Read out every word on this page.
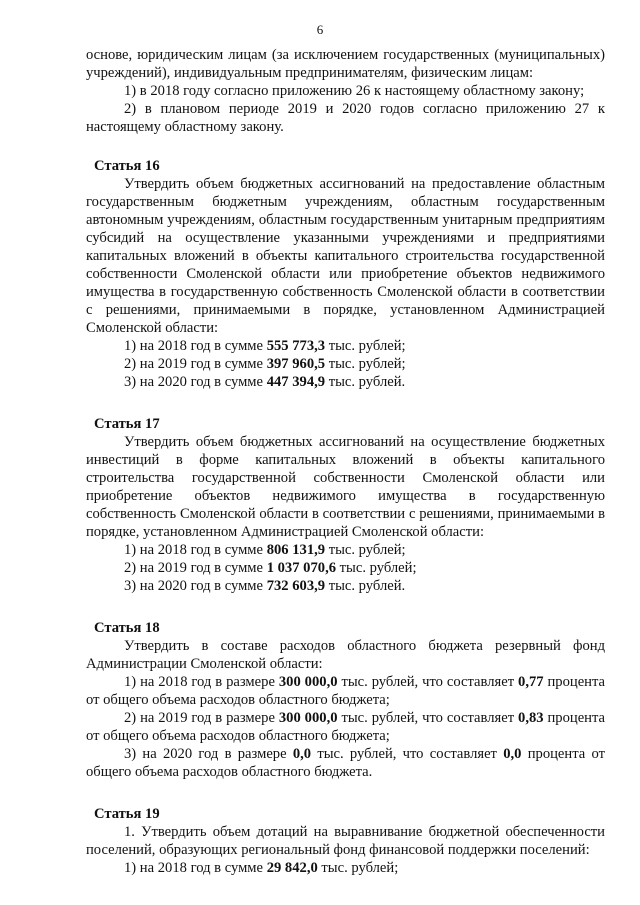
6

основе, юридическим лицам (за исключением государственных (муниципальных) учреждений), индивидуальным предпринимателям, физическим лицам:

1) в 2018 году согласно приложению 26 к настоящему областному закону;

2) в плановом периоде 2019 и 2020 годов согласно приложению 27 к настоящему областному закону.

Статья 16

Утвердить объем бюджетных ассигнований на предоставление областным государственным бюджетным учреждениям, областным государственным автономным учреждениям, областным государственным унитарным предприятиям субсидий на осуществление указанными учреждениями и предприятиями капитальных вложений в объекты капитального строительства государственной собственности Смоленской области или приобретение объектов недвижимого имущества в государственную собственность Смоленской области в соответствии с решениями, принимаемыми в порядке, установленном Администрацией Смоленской области:

1) на 2018 год в сумме 555 773,3 тыс. рублей;

2) на 2019 год в сумме 397 960,5 тыс. рублей;

3) на 2020 год в сумме 447 394,9 тыс. рублей.

Статья 17

Утвердить объем бюджетных ассигнований на осуществление бюджетных инвестиций в форме капитальных вложений в объекты капитального строительства государственной собственности Смоленской области или приобретение объектов недвижимого имущества в государственную собственность Смоленской области в соответствии с решениями, принимаемыми в порядке, установленном Администрацией Смоленской области:

1) на 2018 год в сумме 806 131,9 тыс. рублей;

2) на 2019 год в сумме 1 037 070,6 тыс. рублей;

3) на 2020 год в сумме 732 603,9 тыс. рублей.

Статья 18

Утвердить в составе расходов областного бюджета резервный фонд Администрации Смоленской области:

1) на 2018 год в размере 300 000,0 тыс. рублей, что составляет 0,77 процента от общего объема расходов областного бюджета;

2) на 2019 год в размере 300 000,0 тыс. рублей, что составляет 0,83 процента от общего объема расходов областного бюджета;

3) на 2020 год в размере 0,0 тыс. рублей, что составляет 0,0 процента от общего объема расходов областного бюджета.

Статья 19

1. Утвердить объем дотаций на выравнивание бюджетной обеспеченности поселений, образующих региональный фонд финансовой поддержки поселений:

1) на 2018 год в сумме 29 842,0 тыс. рублей;
